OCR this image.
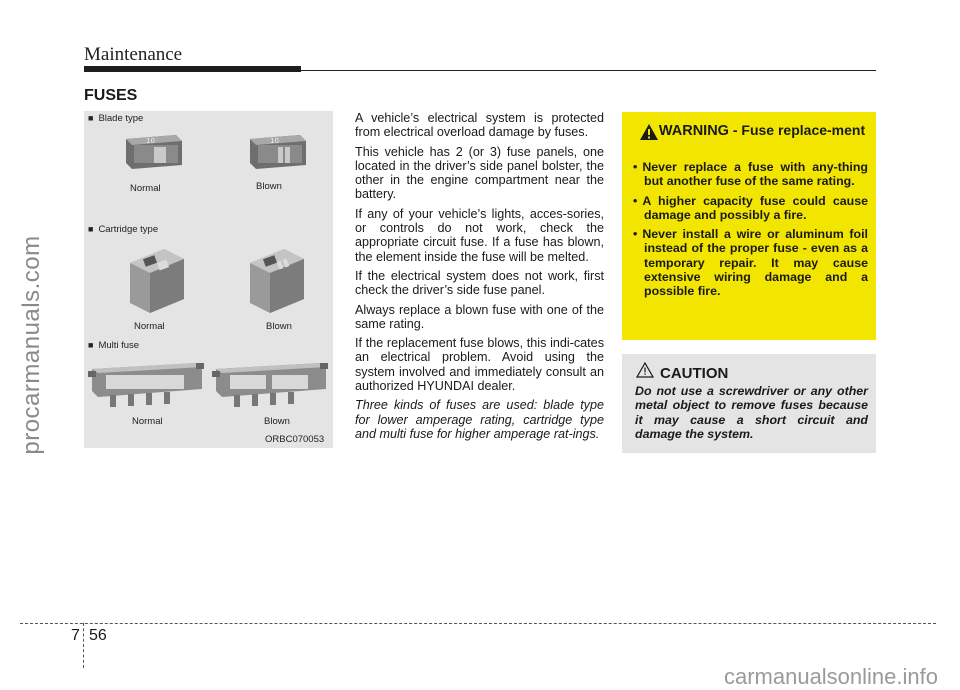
Maintenance
procarmanuals.com
FUSES
■ Blade type
10
Normal
10
Blown
■ Cartridge type
Normal	Blown
■ Multi fuse
Normal	Blown
ORBC070053

A vehicle’s electrical system is protected from electrical overload damage by fuses.

This vehicle has 2 (or 3) fuse panels, one located in the driver’s side panel bolster, the other in the engine compartment near the battery.

If any of your vehicle’s lights, acces-sories, or controls do not work, check the appropriate circuit fuse. If a fuse has blown, the element inside the fuse will be melted.

If the electrical system does not work, first check the driver’s side fuse panel.

Always replace a blown fuse with one of the same rating.

If the replacement fuse blows, this indi-cates an electrical problem. Avoid using the system involved and immediately consult an authorized HYUNDAI dealer.

Three kinds of fuses are used: blade type for lower amperage rating, cartridge type and multi fuse for higher amperage rat-ings.

WARNING - Fuse replace-ment
• Never replace a fuse with any-thing but another fuse of the same rating.
• A higher capacity fuse could cause damage and possibly a fire.
• Never install a wire or aluminum foil instead of the proper fuse - even as a temporary repair. It may cause extensive wiring damage and a possible fire.
CAUTION
Do not use a screwdriver or any other metal object to remove fuses because it may cause a short circuit and damage the system.
7 56
carmanualsonline.info
